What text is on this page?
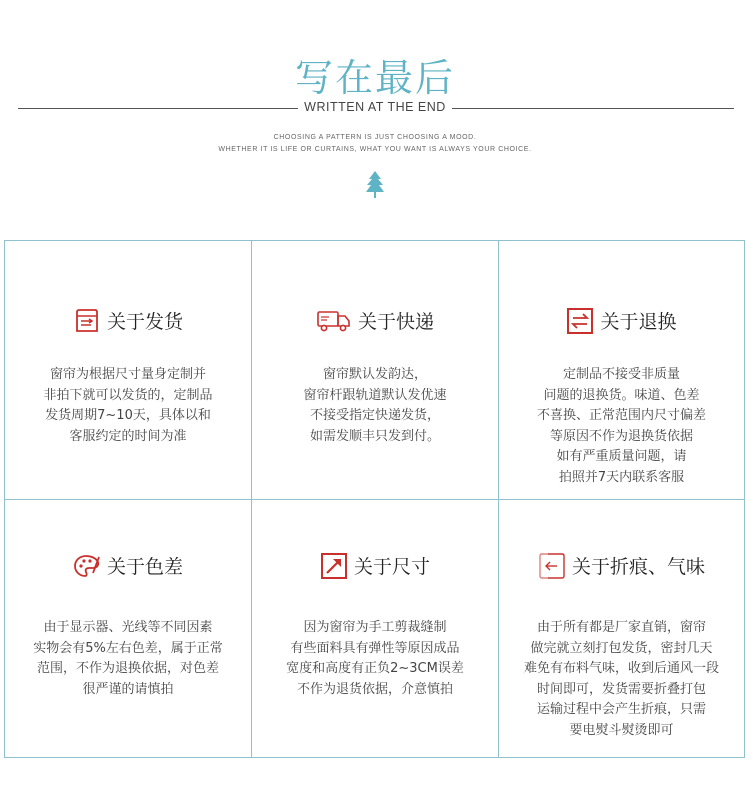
写在最后
WRITTEN AT THE END
CHOOSING A PATTERN IS JUST CHOOSING A MOOD.
WHETHER IT IS LIFE OR CURTAINS, WHAT YOU WANT IS ALWAYS YOUR CHOICE.
关于发货
窗帘为根据尺寸量身定制并
非拍下就可以发货的，定制品
发货周期7~10天，具体以和
客服约定的时间为准
关于快递
窗帘默认发韵达，
窗帘杆跟轨道默认发优速
不接受指定快递发货，
如需发顺丰只发到付。
关于退换
定制品不接受非质量
问题的退换货。味道、色差
不喜换、正常范围内尺寸偏差
等原因不作为退换货依据
如有严重质量问题，请
拍照并7天内联系客服
关于色差
由于显示器、光线等不同因素
实物会有5%左右色差，属于正常
范围，不作为退换依据，对色差
很严谨的请慎拍
关于尺寸
因为窗帘为手工剪裁缝制
有些面料具有弹性等原因成品
宽度和高度有正负2~3CM误差
不作为退货依据，介意慎拍
关于折痕、气味
由于所有都是厂家直销，窗帘
做完就立刻打包发货，密封几天
难免有布料气味，收到后通风一段
时间即可，发货需要折叠打包
运输过程中会产生折痕，只需
要电熨斗熨烫即可
